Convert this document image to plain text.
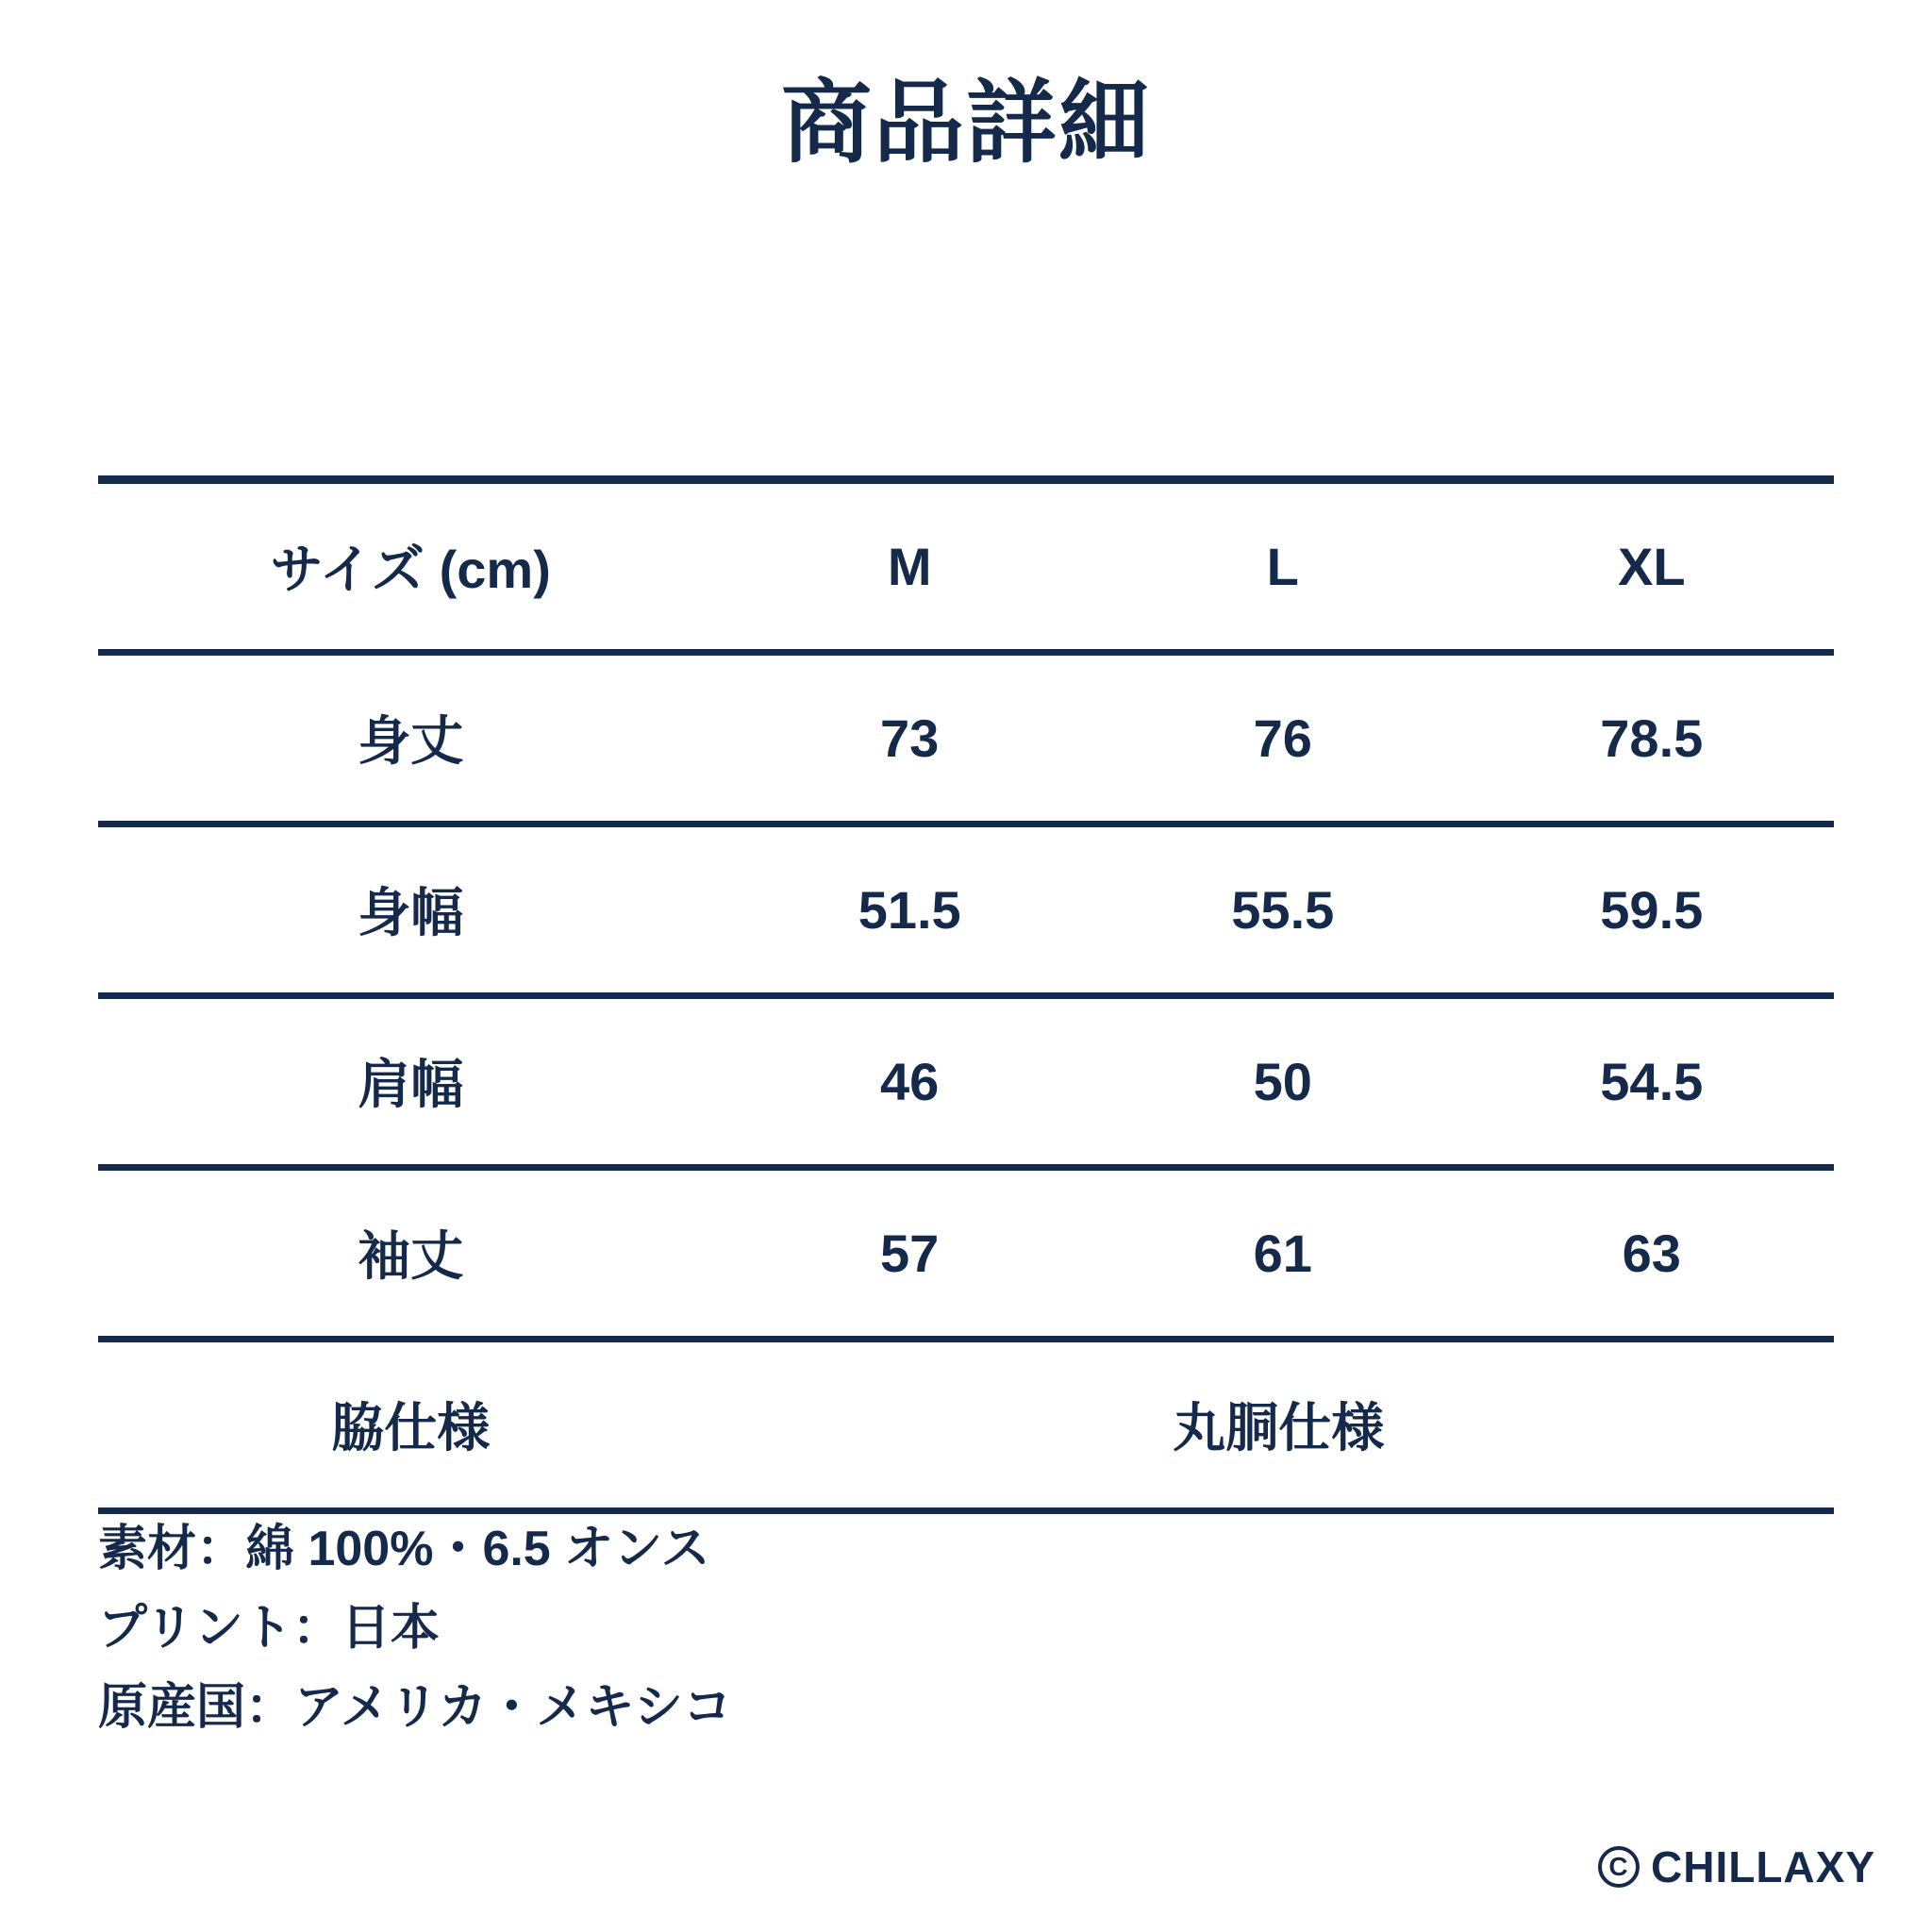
商品詳細
サイズ (cm)	M	L	XL
身丈	73	76	78.5
身幅	51.5	55.5	59.5
肩幅	46	50	54.5
袖丈	57	61	63
脇仕様	丸胴仕様		
素材：綿 100%・6.5 オンス
プリント：日本
原産国：アメリカ・メキシコ
C CHILLAXY
